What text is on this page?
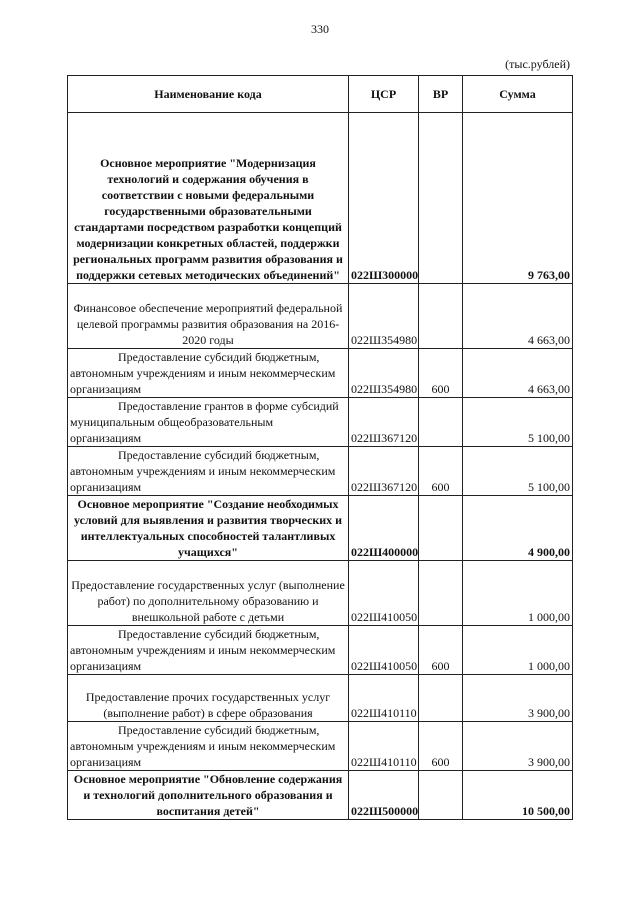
330
(тыс.рублей)
Наименование кода	ЦСР	ВР	Сумма
Основное мероприятие "Модернизация технологий и содержания обучения в соответствии с новыми федеральными государственными образовательными стандартами посредством разработки концепций модернизации конкретных областей, поддержки региональных программ развития образования и поддержки сетевых методических объединений"	022Ш300000		9 763,00
Финансовое обеспечение мероприятий федеральной целевой программы развития образования на 2016-2020 годы	022Ш354980		4 663,00
Предоставление субсидий бюджетным, автономным учреждениям и иным некоммерческим организациям	022Ш354980	600	4 663,00
Предоставление грантов в форме субсидий муниципальным общеобразовательным организациям	022Ш367120		5 100,00
Предоставление субсидий бюджетным, автономным учреждениям и иным некоммерческим организациям	022Ш367120	600	5 100,00
Основное мероприятие "Создание необходимых условий для выявления и развития творческих и интеллектуальных способностей талантливых учащихся"	022Ш400000		4 900,00
Предоставление государственных услуг (выполнение работ) по дополнительному образованию и внешкольной работе с детьми	022Ш410050		1 000,00
Предоставление субсидий бюджетным, автономным учреждениям и иным некоммерческим организациям	022Ш410050	600	1 000,00
Предоставление прочих государственных услуг (выполнение работ) в сфере образования	022Ш410110		3 900,00
Предоставление субсидий бюджетным, автономным учреждениям и иным некоммерческим организациям	022Ш410110	600	3 900,00
Основное мероприятие "Обновление содержания и технологий дополнительного образования и воспитания детей"	022Ш500000		10 500,00
